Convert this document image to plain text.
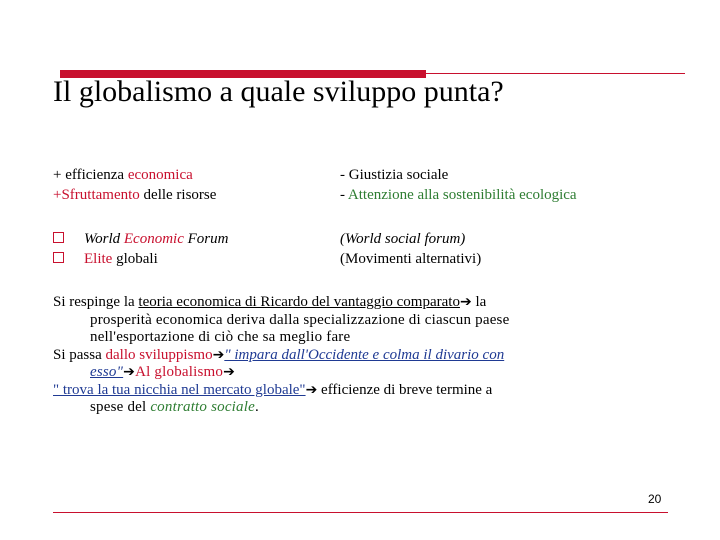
Il globalismo a quale sviluppo punta?
+ efficienza economica
+Sfruttamento delle risorse
- Giustizia sociale
- Attenzione alla sostenibilità ecologica
World Economic Forum
Elite globali
(World social forum)
(Movimenti alternativi)
Si respinge la teoria economica di Ricardo del vantaggio comparato➔ la
prosperità economica deriva dalla specializzazione di ciascun paese
nell'esportazione di ciò che sa meglio fare
Si passa dallo sviluppismo➔" impara dall'Occidente e colma il divario con
esso"➔Al globalismo➔
" trova la tua nicchia nel mercato globale"➔ efficienze di breve termine a
spese del contratto sociale.
20
